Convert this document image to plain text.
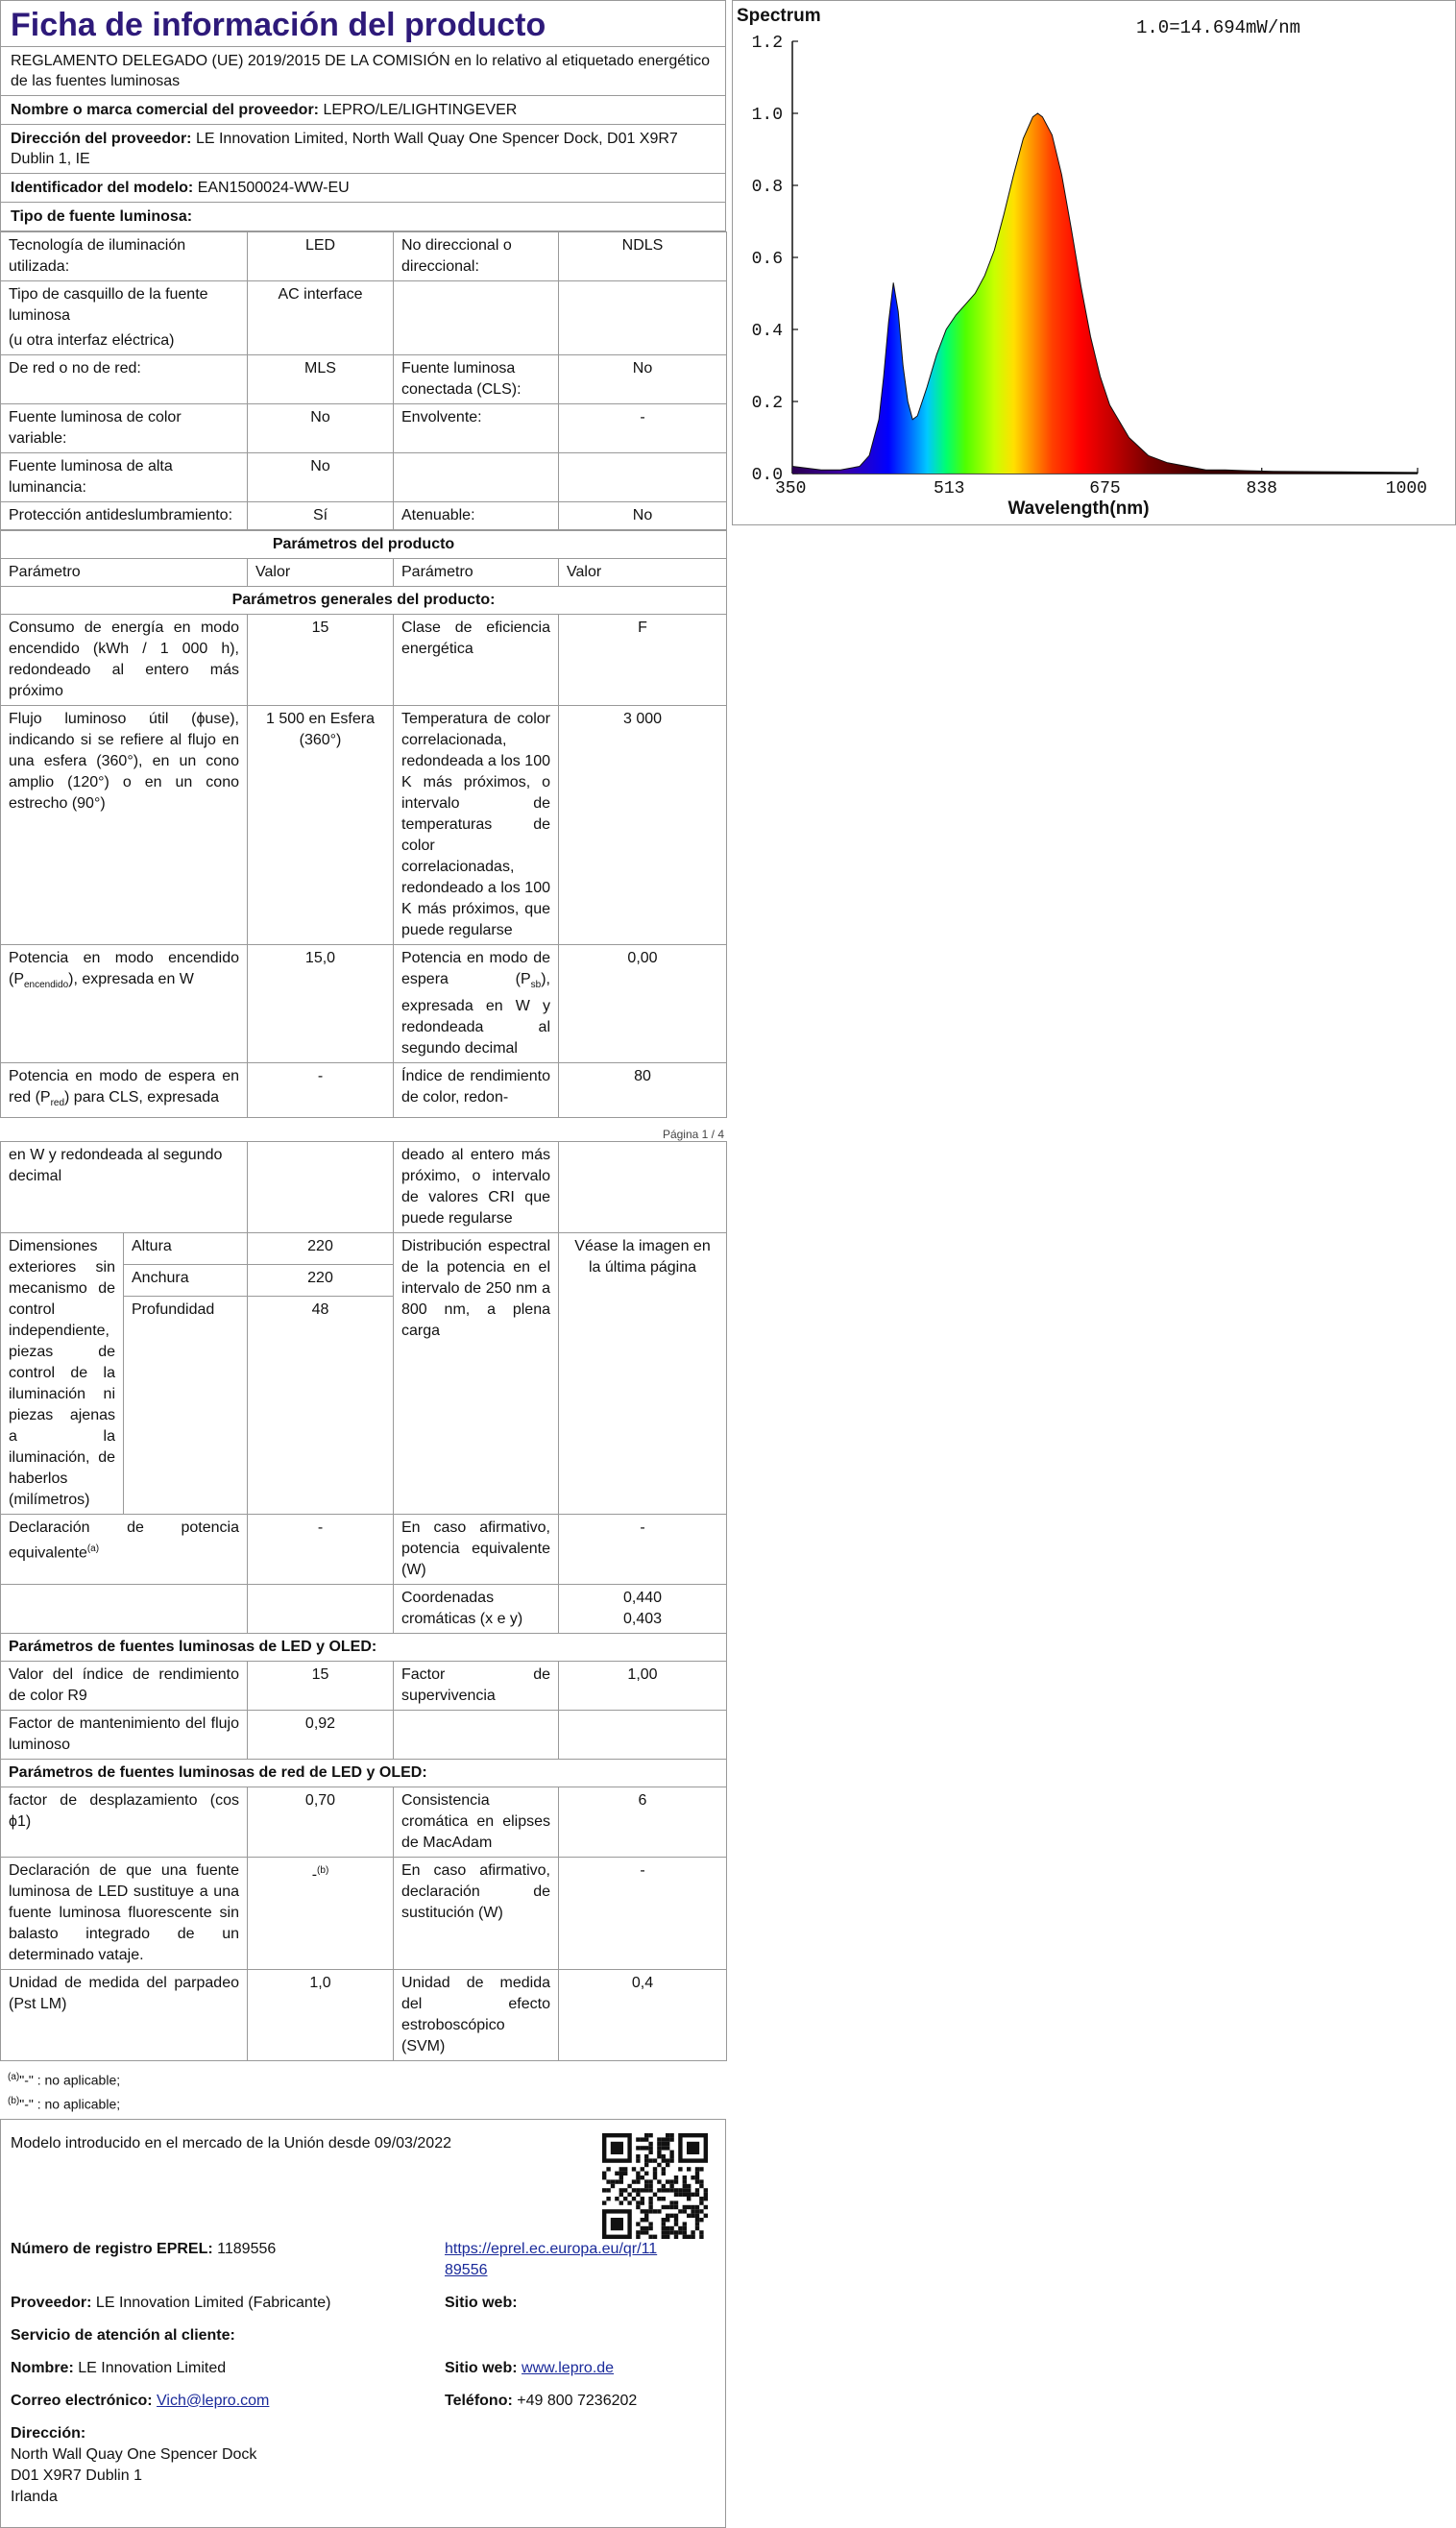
Ficha de información del producto
REGLAMENTO DELEGADO (UE) 2019/2015 DE LA COMISIÓN en lo relativo al etiquetado energético de las fuentes luminosas
Nombre o marca comercial del proveedor: LEPRO/LE/LIGHTINGEVER
Dirección del proveedor: LE Innovation Limited, North Wall Quay One Spencer Dock, D01 X9R7 Dublin 1, IE
Identificador del modelo: EAN1500024-WW-EU
Tipo de fuente luminosa:
Tecnología de iluminación utilizada:	LED	No direccional o direccional:	NDLS

Tipo de casquillo de la fuente luminosa
(u otra interfaz eléctrica)	AC interface		
De red o no de red:	MLS	Fuente luminosa conectada (CLS):	No
Fuente luminosa de color variable:	No	Envolvente:	-
Fuente luminosa de alta luminancia:	No		
Protección antideslumbramiento:	Sí	Atenuable:	No
Parámetros del producto			
Parámetro	Valor	Parámetro	Valor
Parámetros generales del producto:			
Consumo de energía en modo encendido (kWh / 1 000 h), redondeado al entero más próximo	15	Clase de eficiencia energética	F
Flujo luminoso útil (ϕuse), indicando si se refiere al flujo en una esfera (360°), en un cono amplio (120°) o en un cono estrecho (90°)	1 500 en Esfera (360°)	Temperatura de color correlacionada, redondeada a los 100 K más próximos, o intervalo de temperaturas de color correlacionadas, redondeado a los 100 K más próximos, que puede regularse	3 000
Potencia en modo encendido $(P_{encendido})$, expresada en W	15,0	Potencia en modo de espera $(P_{sb})$, expresada en W y redondeada al segundo decimal	0,00
Potencia en modo de espera en red $(P_{red})$ para CLS, expresada	-	Índice de rendimiento de color, redon-	80
Página 1 / 4
en W y redondeada al segundo decimal			deado al entero más próximo, o intervalo de valores CRI que puede regularse	
Dimensiones exteriores sin mecanismo de control independiente, piezas de control de la iluminación ni piezas ajenas a la iluminación, de haberlos (milímetros)	Altura	220	Distribución espectral de la potencia en el intervalo de 250 nm a 800 nm, a plena carga	Véase la imagen en la última página
	Anchura	220		
	Profundidad	48		
Declaración de potencia equivalente$^{(a)}$		-	En caso afirmativo, potencia equivalente (W)	-
			Coordenadas cromáticas (x e y)	0,440
0,403

Parámetros de fuentes luminosas de LED y OLED:				
Valor del índice de rendimiento de color R9		15	Factor de supervivencia	1,00
Factor de mantenimiento del flujo luminoso		0,92		
Parámetros de fuentes luminosas de red de LED y OLED:				
factor de desplazamiento (cos ϕ1)		0,70	Consistencia cromática en elipses de MacAdam	6
Declaración de que una fuente luminosa de LED sustituye a una fuente luminosa fluorescente sin balasto integrado de un determinado vataje.		-$^{(b)}$	En caso afirmativo, declaración de sustitución (W)	-
Unidad de medida del parpadeo (Pst LM)		1,0	Unidad de medida del efecto estroboscópico (SVM)	0,4
$^{(a)}$"-" : no aplicable;
$^{(b)}$"-" : no aplicable;
Modelo introducido en el mercado de la Unión desde 09/03/2022
Número de registro EPREL: 1189556	https://eprel.ec.europa.eu/qr/11
89556
Proveedor: LE Innovation Limited (Fabricante)	Sitio web:
Servicio de atención al cliente:
Nombre: LE Innovation Limited	Sitio web: www.lepro.de
Correo electrónico: Vich@lepro.com	Teléfono: +49 800 7236202
Dirección:
North Wall Quay One Spencer Dock
D01 X9R7 Dublin 1
Irlanda
Spectrum
1.0=14.694mW/nm
Wavelength(nm)
0.0
0.2
0.4
0.6
0.8
1.0
1.2
350	513	675	838	1000
